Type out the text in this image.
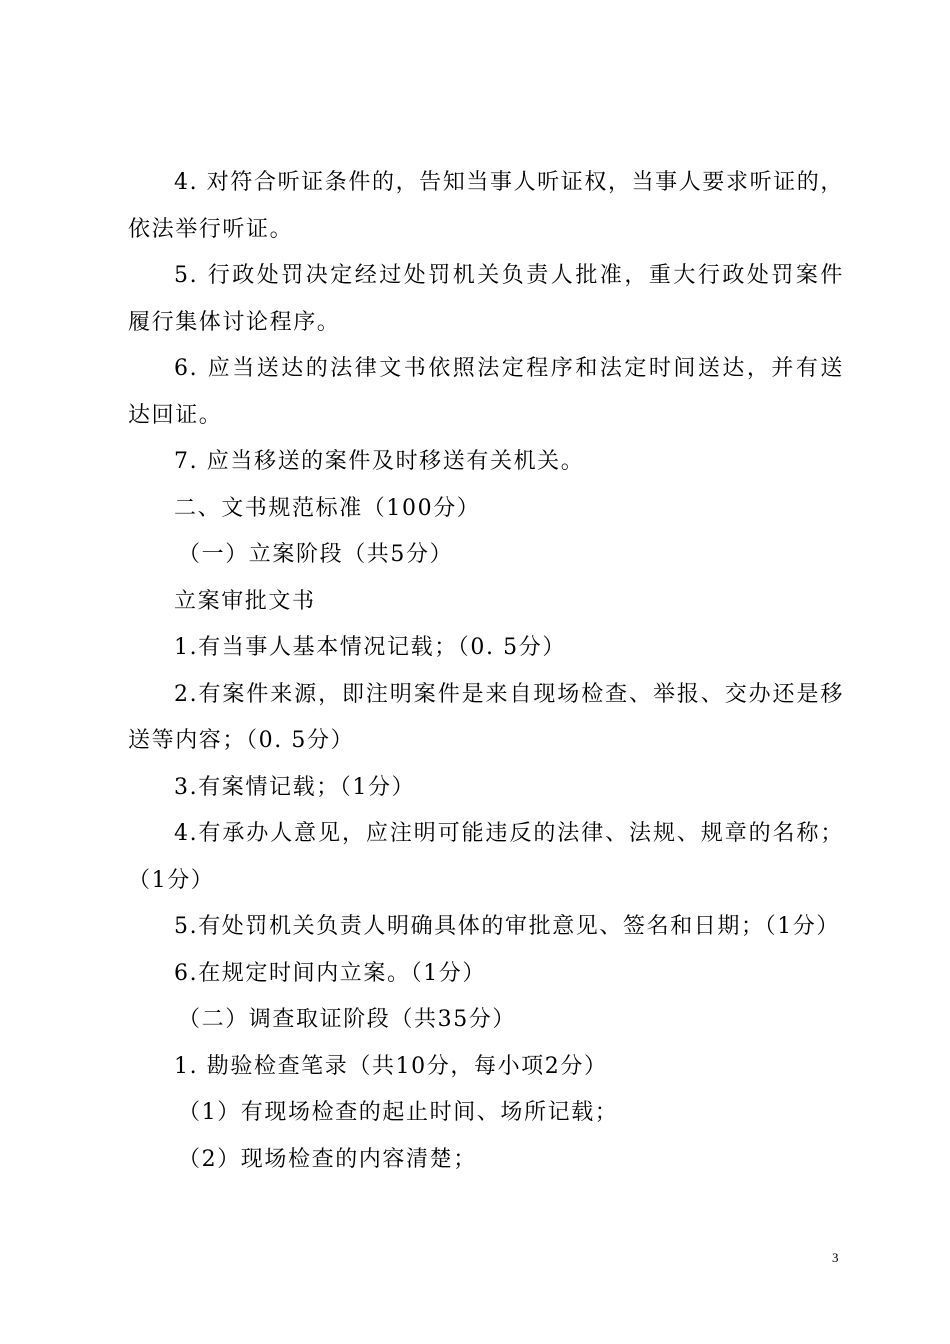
4. 对符合听证条件的，告知当事人听证权，当事人要求听证的，
依法举行听证。
5. 行政处罚决定经过处罚机关负责人批准，重大行政处罚案件
履行集体讨论程序。
6. 应当送达的法律文书依照法定程序和法定时间送达，并有送
达回证。
7. 应当移送的案件及时移送有关机关。
二、文书规范标准（100分）
（一）立案阶段（共5分）
立案审批文书
1.有当事人基本情况记载；（0. 5分）
2.有案件来源，即注明案件是来自现场检查、举报、交办还是移
送等内容；（0. 5分）
3.有案情记载；（1分）
4.有承办人意见，应注明可能违反的法律、法规、规章的名称；
（1分）
5.有处罚机关负责人明确具体的审批意见、签名和日期；（1分）
6.在规定时间内立案。（1分）
（二）调查取证阶段（共35分）
1. 勘验检查笔录（共10分，每小项2分）
（1）有现场检查的起止时间、场所记载；
（2）现场检查的内容清楚；
3
